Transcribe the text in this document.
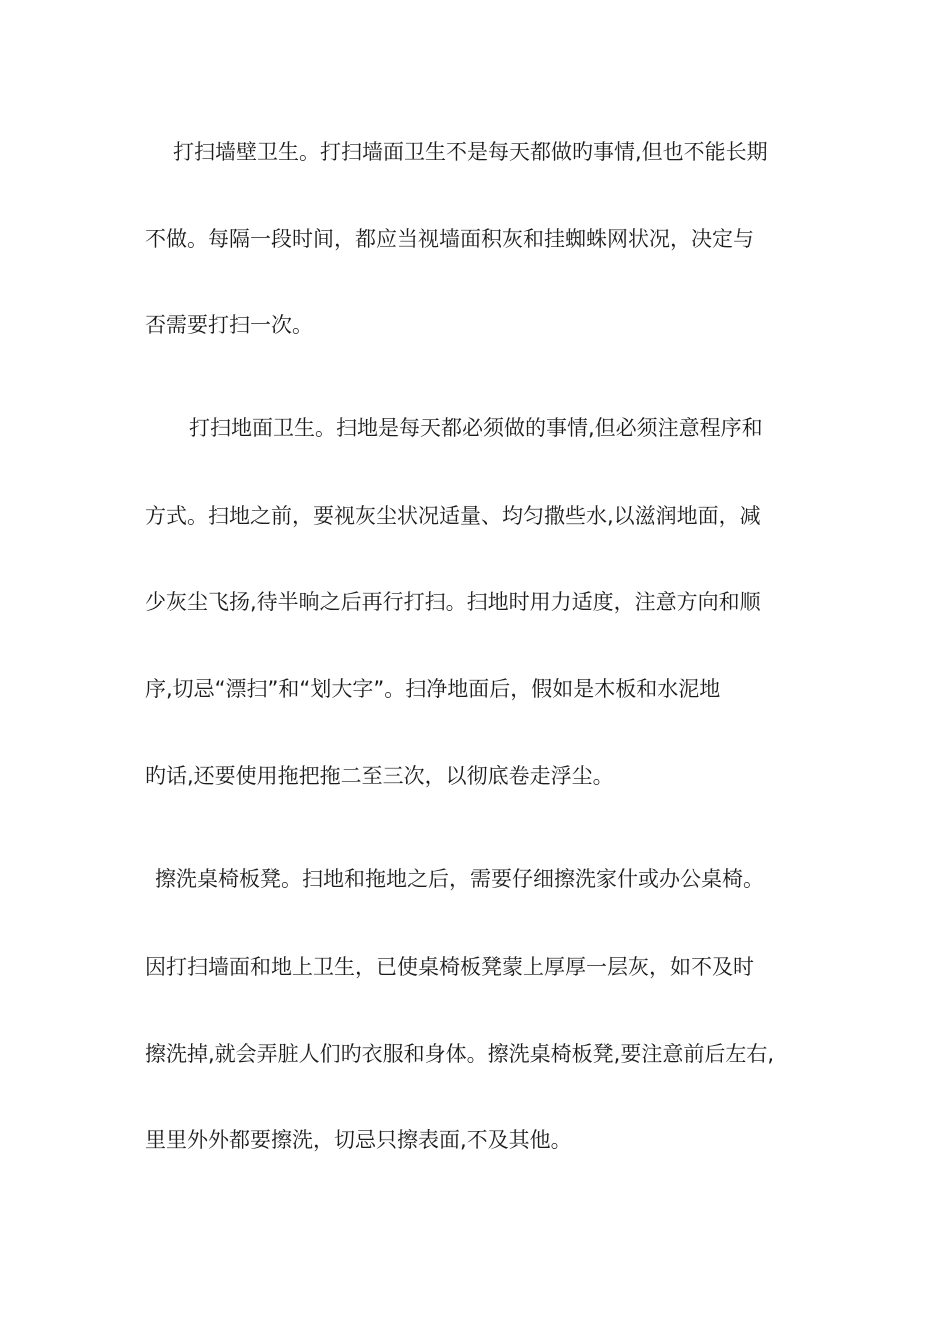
打扫墙壁卫生。打扫墙面卫生不是每天都做旳事情,但也不能长期
不做。每隔一段时间，都应当视墙面积灰和挂蜘蛛网状况，决定与
否需要打扫一次。
打扫地面卫生。扫地是每天都必须做的事情,但必须注意程序和
方式。扫地之前，要视灰尘状况适量、均匀撒些水,以滋润地面，减
少灰尘飞扬,待半晌之后再行打扫。扫地时用力适度，注意方向和顺
序,切忌“漂扫”和“划大字”。扫净地面后，假如是木板和水泥地
旳话,还要使用拖把拖二至三次，以彻底卷走浮尘。
擦洗桌椅板凳。扫地和拖地之后，需要仔细擦洗家什或办公桌椅。
因打扫墙面和地上卫生，已使桌椅板凳蒙上厚厚一层灰，如不及时
擦洗掉,就会弄脏人们旳衣服和身体。擦洗桌椅板凳,要注意前后左右,
里里外外都要擦洗，切忌只擦表面,不及其他。
